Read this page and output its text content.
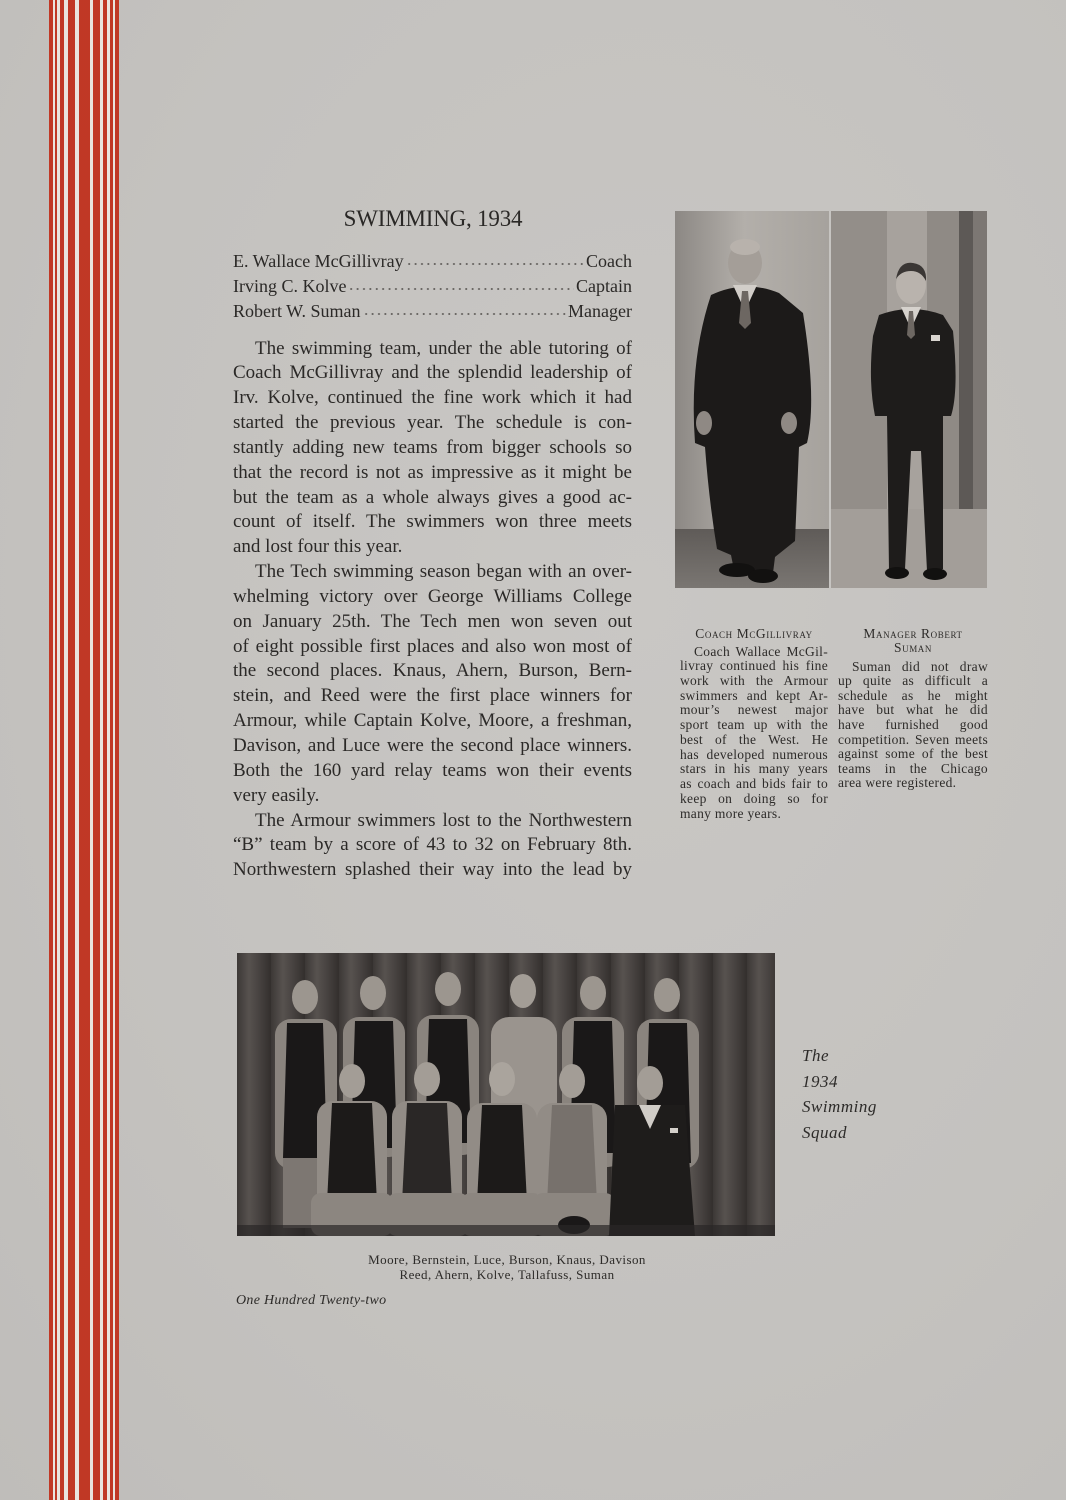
SWIMMING, 1934
E. Wallace McGillivray	Coach
Irving C. Kolve	Captain
Robert W. Suman	Manager
The swimming team, under the able tutoring of
Coach McGillivray and the splendid leadership of
Irv. Kolve, continued the fine work which it had
started the previous year. The schedule is con-
stantly adding new teams from bigger schools so
that the record is not as impressive as it might be
but the team as a whole always gives a good ac-
count of itself. The swimmers won three meets
and lost four this year.
The Tech swimming season began with an over-
whelming victory over George Williams College
on January 25th. The Tech men won seven out
of eight possible first places and also won most of
the second places. Knaus, Ahern, Burson, Bern-
stein, and Reed were the first place winners for
Armour, while Captain Kolve, Moore, a freshman,
Davison, and Luce were the second place winners.
Both the 160 yard relay teams won their events
very easily.
The Armour swimmers lost to the Northwestern
“B” team by a score of 43 to 32 on February 8th.
Northwestern splashed their way into the lead by
Coach McGillivray
Coach Wallace McGil-
livray continued his fine
work with the Armour
swimmers and kept Ar-
mour’s newest major
sport team up with the
best of the West. He
has developed numerous
stars in his many years
as coach and bids fair to
keep on doing so for
many more years.
Manager Robert
Suman
Suman did not draw
up quite as difficult a
schedule as he might
have but what he did
have furnished good
competition. Seven meets
against some of the best
teams in the Chicago
area were registered.
The
1934
Swimming
Squad
Moore, Bernstein, Luce, Burson, Knaus, Davison
Reed, Ahern, Kolve, Tallafuss, Suman
One Hundred Twenty-two
